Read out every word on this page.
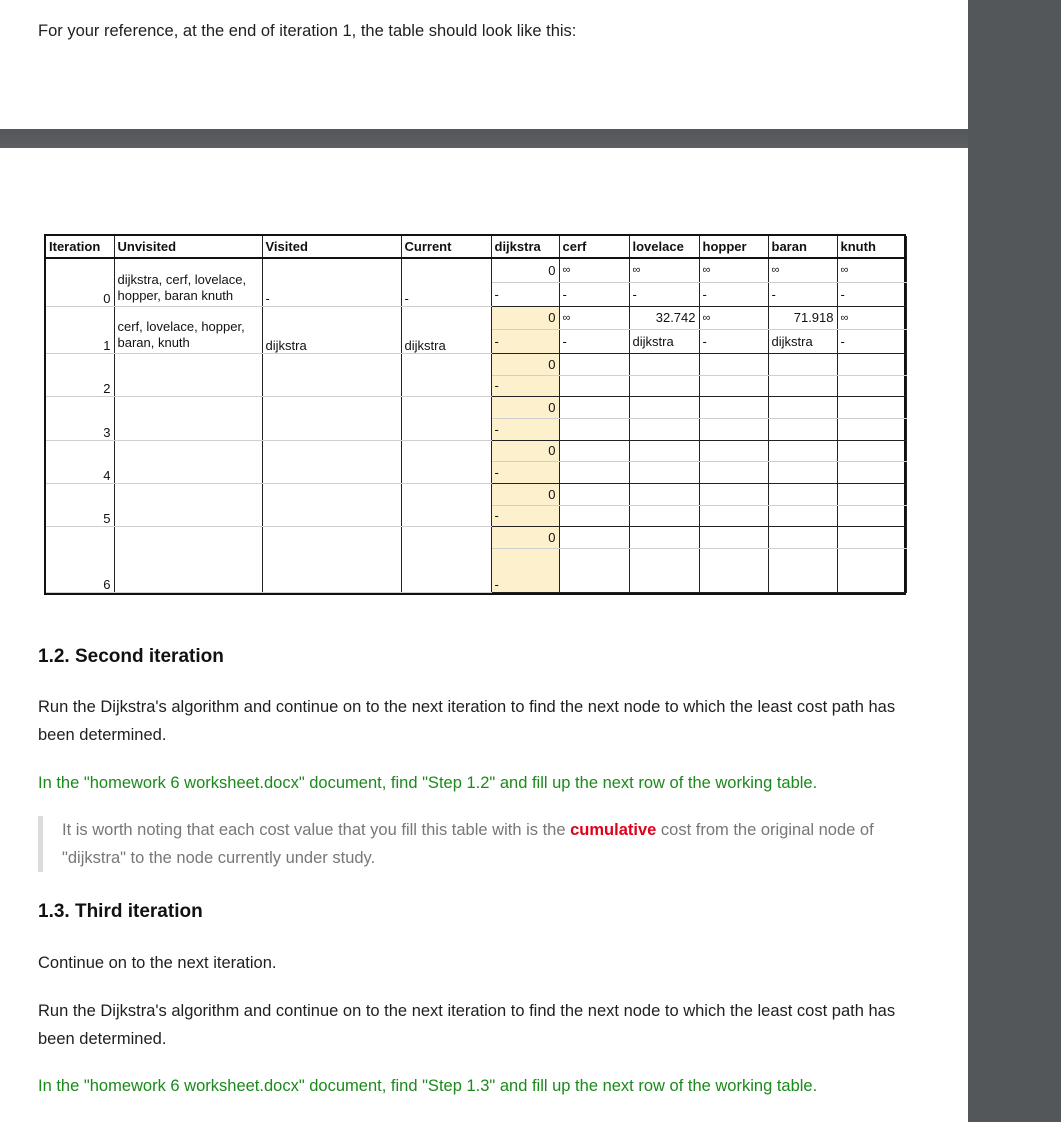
For your reference, at the end of iteration 1, the table should look like this:

Iteration	Unvisited	Visited	Current	dijkstra	cerf	lovelace	hopper	baran	knuth
0	dijkstra, cerf, lovelace,
hopper, baran knuth	-	-	0	∞	∞	∞	∞	∞
				-	-	-	-	-	-
1	cerf, lovelace, hopper,
baran, knuth	dijkstra	dijkstra	0	∞	32.742	∞	71.918	∞
				-	-	dijkstra	-	dijkstra	-
2				0					
				-					
3				0					
				-					
4				0					
				-					
5				0					
				-					
6				0					
				-					
1.2. Second iteration

Run the Dijkstra's algorithm and continue on to the next iteration to find the next node to which the least cost path has been determined.

In the "homework 6 worksheet.docx" document, find "Step 1.2" and fill up the next row of the working table.

It is worth noting that each cost value that you fill this table with is the cumulative cost from the original node of "dijkstra" to the node currently under study.
1.3. Third iteration

Continue on to the next iteration.

Run the Dijkstra's algorithm and continue on to the next iteration to find the next node to which the least cost path has been determined.

In the "homework 6 worksheet.docx" document, find "Step 1.3" and fill up the next row of the working table.
